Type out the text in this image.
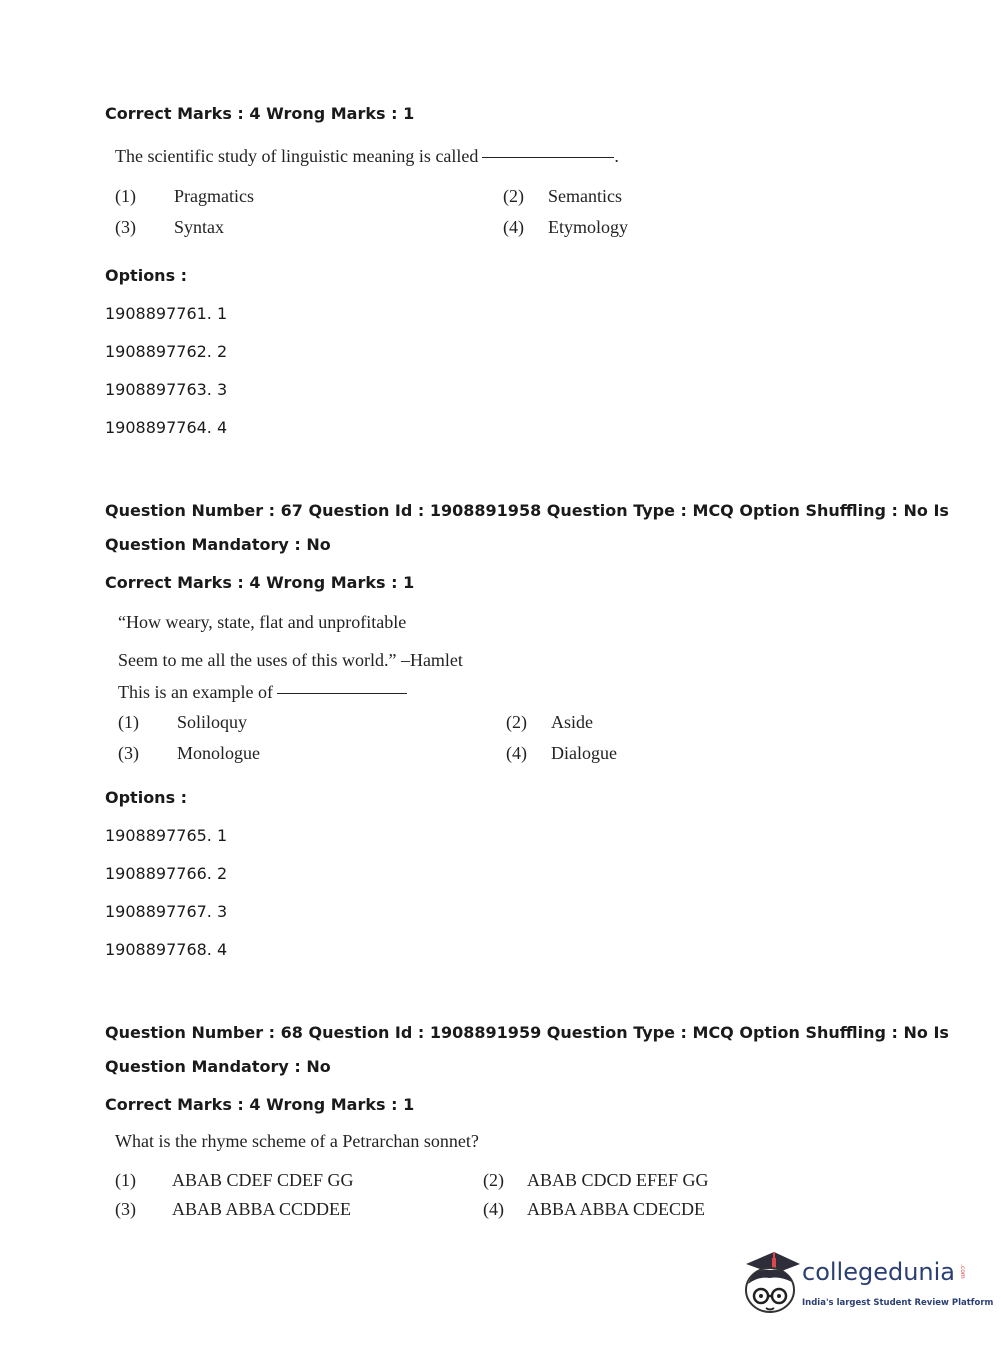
Correct Marks : 4 Wrong Marks : 1

The scientific study of linguistic meaning is called	.
(1) Pragmatics	(2) Semantics
(3) Syntax	(4) Etymology
Options :
1908897761. 1
1908897762. 2
1908897763. 3
1908897764. 4

Question Number : 67 Question Id : 1908891958 Question Type : MCQ Option Shuffling : No Is

Question Mandatory : No

Correct Marks : 4 Wrong Marks : 1

“How weary, state, flat and unprofitable
Seem to me all the uses of this world.” –Hamlet
This is an example of
(1) Soliloquy	(2) Aside
(3) Monologue	(4) Dialogue
Options :
1908897765. 1
1908897766. 2
1908897767. 3
1908897768. 4

Question Number : 68 Question Id : 1908891959 Question Type : MCQ Option Shuffling : No Is

Question Mandatory : No

Correct Marks : 4 Wrong Marks : 1

What is the rhyme scheme of a Petrarchan sonnet?
(1) ABAB CDEF CDEF GG	(2) ABAB CDCD EFEF GG
(3) ABAB ABBA CCDDEE	(4) ABBA ABBA CDECDE
collegedunia .com
India's largest Student Review Platform
